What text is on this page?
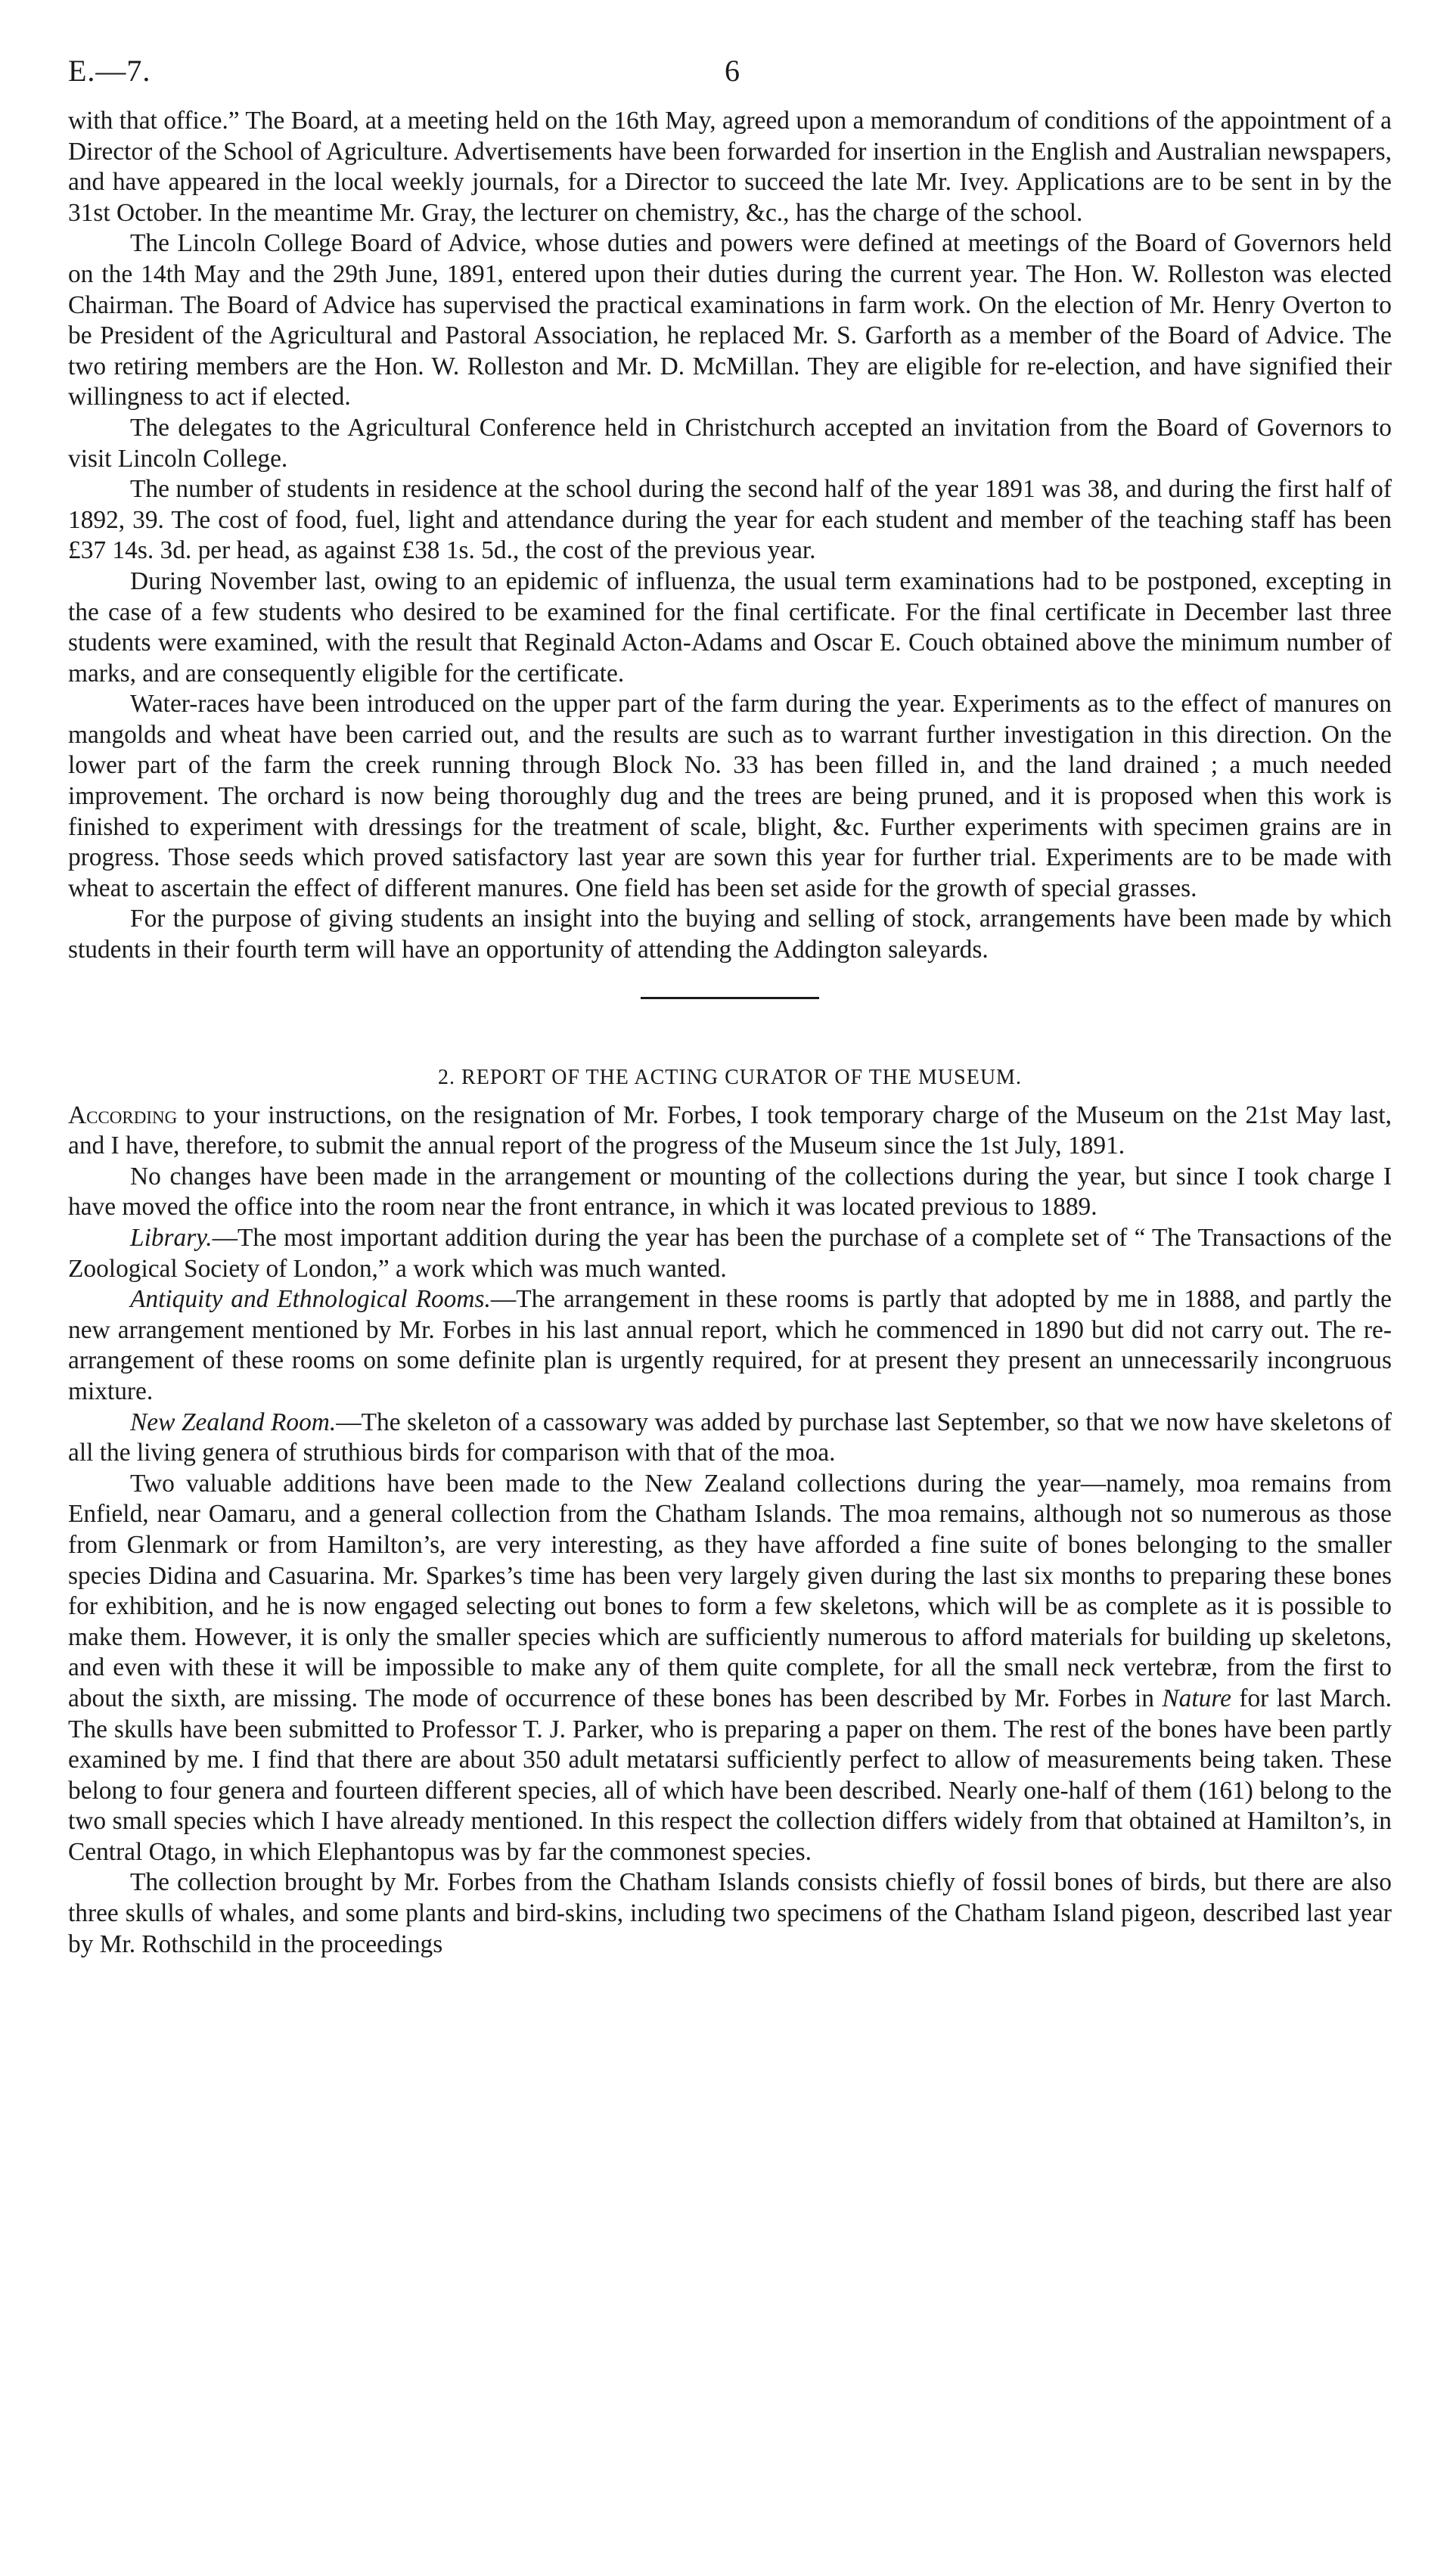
E.—7.	6

with that office.” The Board, at a meeting held on the 16th May, agreed upon a memorandum of conditions of the appointment of a Director of the School of Agriculture. Advertisements have been forwarded for insertion in the English and Australian newspapers, and have appeared in the local weekly journals, for a Director to succeed the late Mr. Ivey. Applications are to be sent in by the 31st October. In the meantime Mr. Gray, the lecturer on chemistry, &c., has the charge of the school.

The Lincoln College Board of Advice, whose duties and powers were defined at meetings of the Board of Governors held on the 14th May and the 29th June, 1891, entered upon their duties during the current year. The Hon. W. Rolleston was elected Chairman. The Board of Advice has supervised the practical examinations in farm work. On the election of Mr. Henry Overton to be President of the Agricultural and Pastoral Association, he replaced Mr. S. Garforth as a member of the Board of Advice. The two retiring members are the Hon. W. Rolleston and Mr. D. McMillan. They are eligible for re-election, and have signified their willingness to act if elected.

The delegates to the Agricultural Conference held in Christchurch accepted an invitation from the Board of Governors to visit Lincoln College.

The number of students in residence at the school during the second half of the year 1891 was 38, and during the first half of 1892, 39. The cost of food, fuel, light and attendance during the year for each student and member of the teaching staff has been £37 14s. 3d. per head, as against £38 1s. 5d., the cost of the previous year.

During November last, owing to an epidemic of influenza, the usual term examinations had to be postponed, excepting in the case of a few students who desired to be examined for the final certificate. For the final certificate in December last three students were examined, with the result that Reginald Acton-Adams and Oscar E. Couch obtained above the minimum number of marks, and are consequently eligible for the certificate.

Water-races have been introduced on the upper part of the farm during the year. Experiments as to the effect of manures on mangolds and wheat have been carried out, and the results are such as to warrant further investigation in this direction. On the lower part of the farm the creek running through Block No. 33 has been filled in, and the land drained ; a much needed improvement. The orchard is now being thoroughly dug and the trees are being pruned, and it is proposed when this work is finished to experiment with dressings for the treatment of scale, blight, &c. Further experiments with specimen grains are in progress. Those seeds which proved satisfactory last year are sown this year for further trial. Experiments are to be made with wheat to ascertain the effect of different manures. One field has been set aside for the growth of special grasses.

For the purpose of giving students an insight into the buying and selling of stock, arrangements have been made by which students in their fourth term will have an opportunity of attending the Addington saleyards.

2. REPORT OF THE ACTING CURATOR OF THE MUSEUM.

According to your instructions, on the resignation of Mr. Forbes, I took temporary charge of the Museum on the 21st May last, and I have, therefore, to submit the annual report of the progress of the Museum since the 1st July, 1891.

No changes have been made in the arrangement or mounting of the collections during the year, but since I took charge I have moved the office into the room near the front entrance, in which it was located previous to 1889.

Library.—The most important addition during the year has been the purchase of a complete set of “ The Transactions of the Zoological Society of London,” a work which was much wanted.

Antiquity and Ethnological Rooms.—The arrangement in these rooms is partly that adopted by me in 1888, and partly the new arrangement mentioned by Mr. Forbes in his last annual report, which he commenced in 1890 but did not carry out. The re-arrangement of these rooms on some definite plan is urgently required, for at present they present an unnecessarily incongruous mixture.

New Zealand Room.—The skeleton of a cassowary was added by purchase last September, so that we now have skeletons of all the living genera of struthious birds for comparison with that of the moa.

Two valuable additions have been made to the New Zealand collections during the year—namely, moa remains from Enfield, near Oamaru, and a general collection from the Chatham Islands. The moa remains, although not so numerous as those from Glenmark or from Hamilton’s, are very interesting, as they have afforded a fine suite of bones belonging to the smaller species Didina and Casuarina. Mr. Sparkes’s time has been very largely given during the last six months to preparing these bones for exhibition, and he is now engaged selecting out bones to form a few skeletons, which will be as complete as it is possible to make them. However, it is only the smaller species which are sufficiently numerous to afford materials for building up skeletons, and even with these it will be impossible to make any of them quite complete, for all the small neck vertebræ, from the first to about the sixth, are missing. The mode of occurrence of these bones has been described by Mr. Forbes in Nature for last March. The skulls have been submitted to Professor T. J. Parker, who is preparing a paper on them. The rest of the bones have been partly examined by me. I find that there are about 350 adult metatarsi sufficiently perfect to allow of measurements being taken. These belong to four genera and fourteen different species, all of which have been described. Nearly one-half of them (161) belong to the two small species which I have already mentioned. In this respect the collection differs widely from that obtained at Hamilton’s, in Central Otago, in which Elephantopus was by far the commonest species.

The collection brought by Mr. Forbes from the Chatham Islands consists chiefly of fossil bones of birds, but there are also three skulls of whales, and some plants and bird-skins, including two specimens of the Chatham Island pigeon, described last year by Mr. Rothschild in the proceedings
